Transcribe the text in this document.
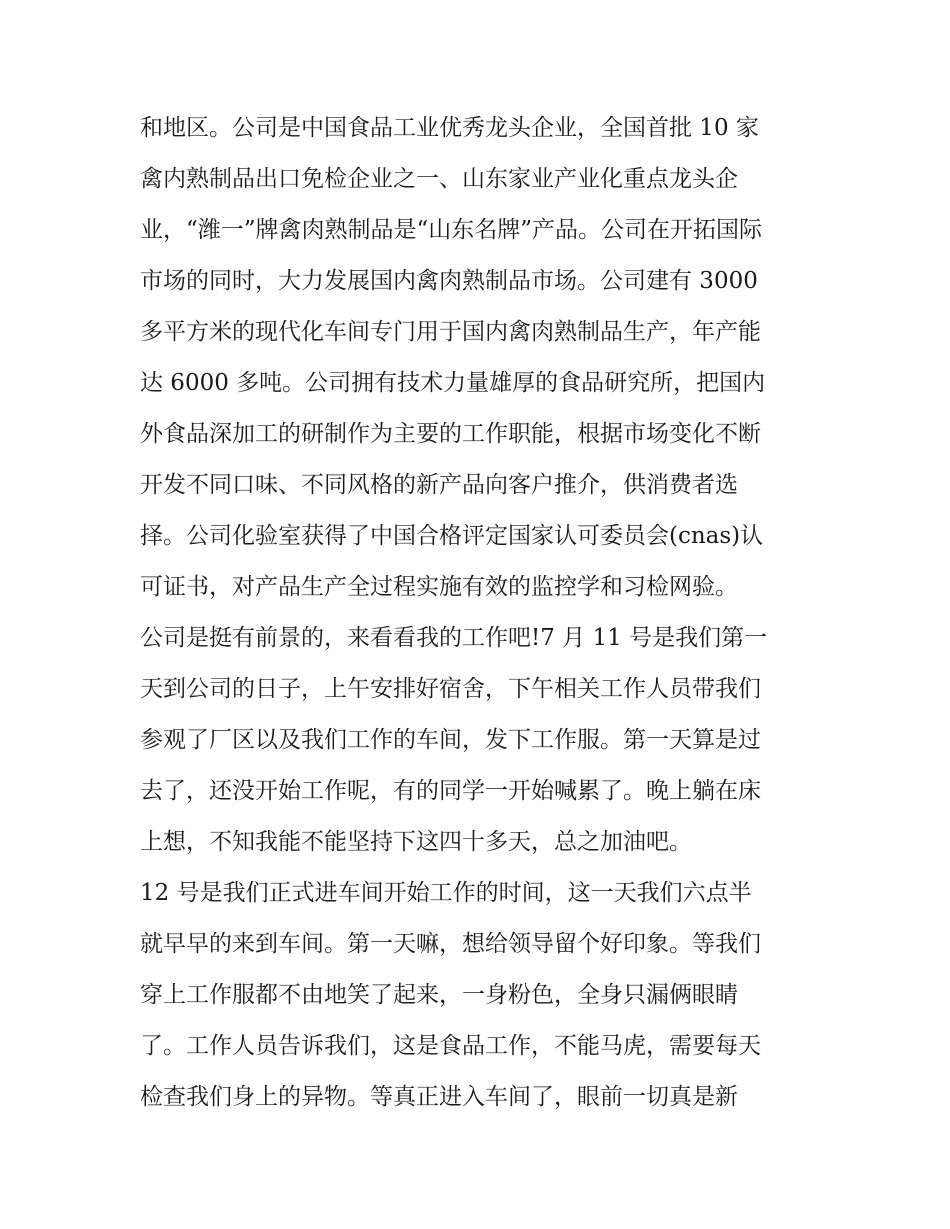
和地区。公司是中国食品工业优秀龙头企业，全国首批 10 家
禽内熟制品出口免检企业之一、山东家业产业化重点龙头企
业，“潍一”牌禽肉熟制品是“山东名牌”产品。公司在开拓国际
市场的同时，大力发展国内禽肉熟制品市场。公司建有 3000
多平方米的现代化车间专门用于国内禽肉熟制品生产，年产能
达 6000 多吨。公司拥有技术力量雄厚的食品研究所，把国内
外食品深加工的研制作为主要的工作职能，根据市场变化不断
开发不同口味、不同风格的新产品向客户推介，供消费者选
择。公司化验室获得了中国合格评定国家认可委员会(cnas)认
可证书，对产品生产全过程实施有效的监控学和习检网验。
公司是挺有前景的，来看看我的工作吧!7 月 11 号是我们第一
天到公司的日子，上午安排好宿舍，下午相关工作人员带我们
参观了厂区以及我们工作的车间，发下工作服。第一天算是过
去了，还没开始工作呢，有的同学一开始喊累了。晚上躺在床
上想，不知我能不能坚持下这四十多天，总之加油吧。
12 号是我们正式进车间开始工作的时间，这一天我们六点半
就早早的来到车间。第一天嘛，想给领导留个好印象。等我们
穿上工作服都不由地笑了起来，一身粉色，全身只漏俩眼睛
了。工作人员告诉我们，这是食品工作，不能马虎，需要每天
检查我们身上的异物。等真正进入车间了，眼前一切真是新
